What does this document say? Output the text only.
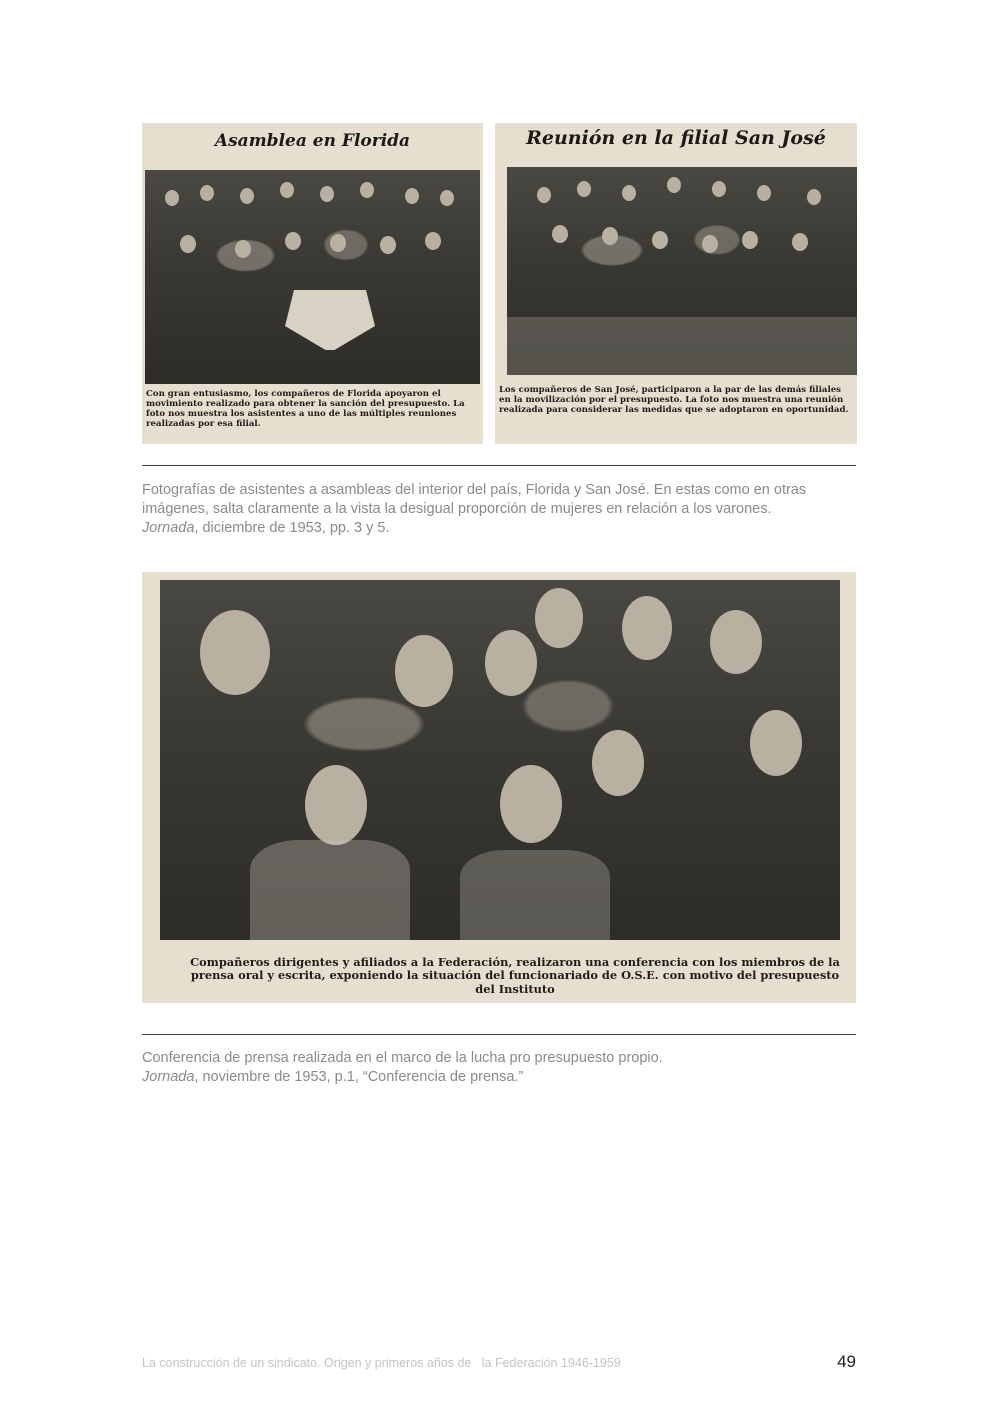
Asamblea en Florida
Con gran entusiasmo, los compañeros de Florida apoyaron el movimiento realizado para obtener la sanción del presupuesto. La foto nos muestra los asistentes a uno de las múltiples reuniones realizadas por esa filial.
Reunión en la filial San José
Los compañeros de San José, participaron a la par de las demás filiales en la movilización por el presupuesto. La foto nos muestra una reunión realizada para considerar las medidas que se adoptaron en oportunidad.
Fotografías de asistentes a asambleas del interior del país, Florida y San José. En estas como en otras imágenes, salta claramente a la vista la desigual proporción de mujeres en relación a los varones.
Jornada, diciembre de 1953, pp. 3 y 5.
Compañeros dirigentes y afiliados a la Federación, realizaron una conferencia con los miembros de la prensa oral y escrita, exponiendo la situación del funcionariado de O.S.E. con motivo del presupuesto del Instituto
Conferencia de prensa realizada en el marco de la lucha pro presupuesto propio.
Jornada, noviembre de 1953, p.1, “Conferencia de prensa.”
La construcción de un sindicato. Origen y primeros años de   la Federación 1946-1959	49
